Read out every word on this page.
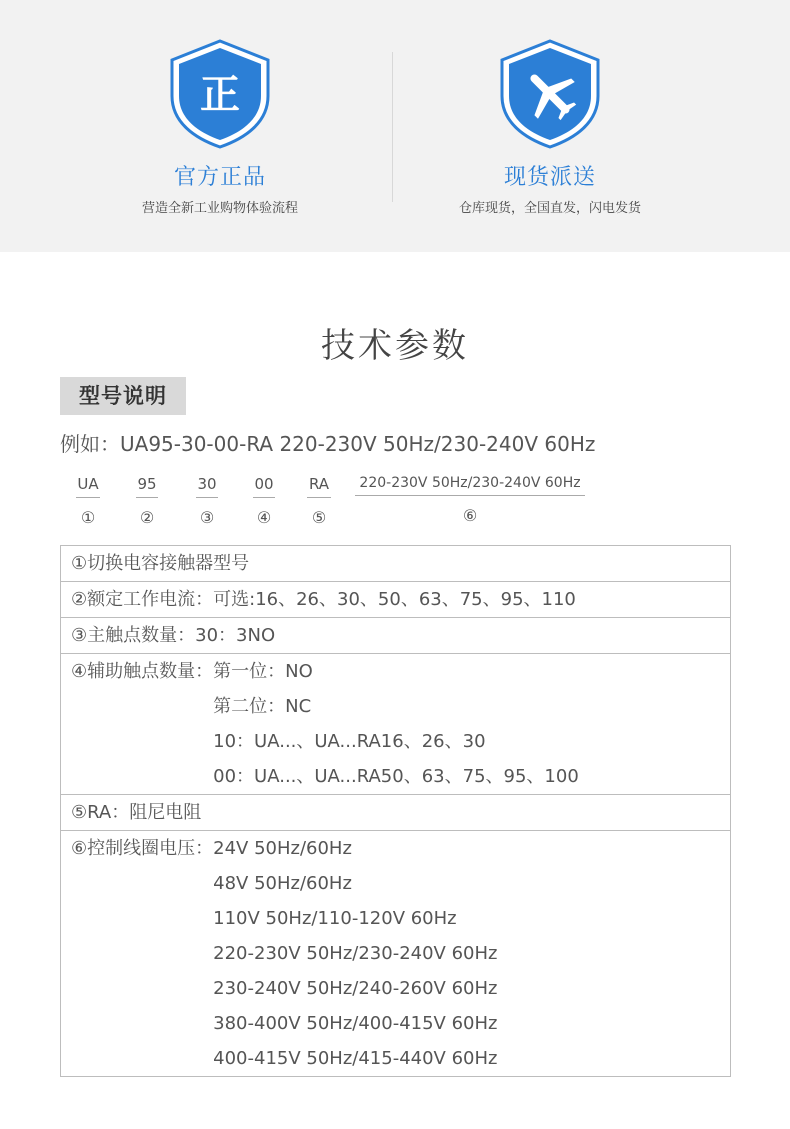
正
官方正品
营造全新工业购物体验流程
现货派送
仓库现货，全国直发，闪电发货
技术参数
型号说明
例如：UA95-30-00-RA 220-230V 50Hz/230-240V 60Hz
UA
①
95
②
30
③
00
④
RA
⑤
220-230V 50Hz/230-240V 60Hz
⑥
①切换电容接触器型号

②额定工作电流：可选:16、26、30、50、63、75、95、110

③主触点数量：30：3NO

④辅助触点数量： 第一位：NO
第二位：NC
10：UA...、UA...RA16、26、30
00：UA...、UA...RA50、63、75、95、100

⑤RA：阻尼电阻

⑥控制线圈电压： 24V 50Hz/60Hz
48V 50Hz/60Hz
110V 50Hz/110-120V 60Hz
220-230V 50Hz/230-240V 60Hz
230-240V 50Hz/240-260V 60Hz
380-400V 50Hz/400-415V 60Hz
400-415V 50Hz/415-440V 60Hz
